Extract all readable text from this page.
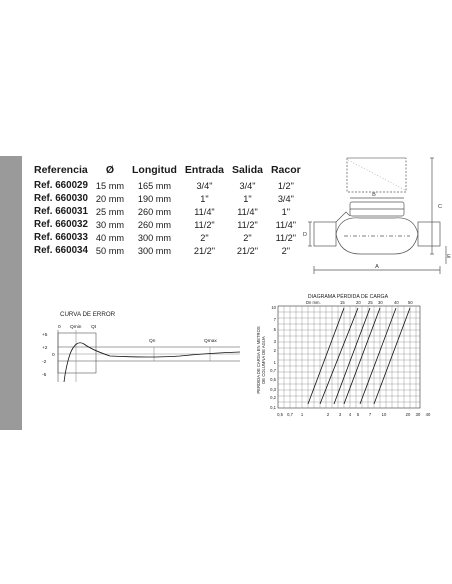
Referencia	Ø	Longitud	Entrada	Salida	Racor
Ref. 660029	15 mm	165 mm	3/4"	3/4"	1/2"
Ref. 660030	20 mm	190 mm	1"	1"	3/4"
Ref. 660031	25 mm	260 mm	11/4"	11/4"	1"
Ref. 660032	30 mm	260 mm	11/2"	11/2"	11/4"
Ref. 660033	40 mm	300 mm	2"	2"	11/2"
Ref. 660034	50 mm	300 mm	21/2"	21/2"	2"
B
A
C
D
E
CURVA DE ERROR
0 Qmin Qt
Qn	Qmax
+5
+2
0
-2
-5
DIAGRAMA PÉRDIDA DE CARGA
PERDIDA DE CARGA EN METROS DE COLUMNA DE AGUA
Dn mm.	15	20 25 30	40 50
10
7
5
3
2
1
0,7
0,5
0,3
0,2
0,1
0,5 0,7 1	2 3 4 5 7 10	20 30 40
